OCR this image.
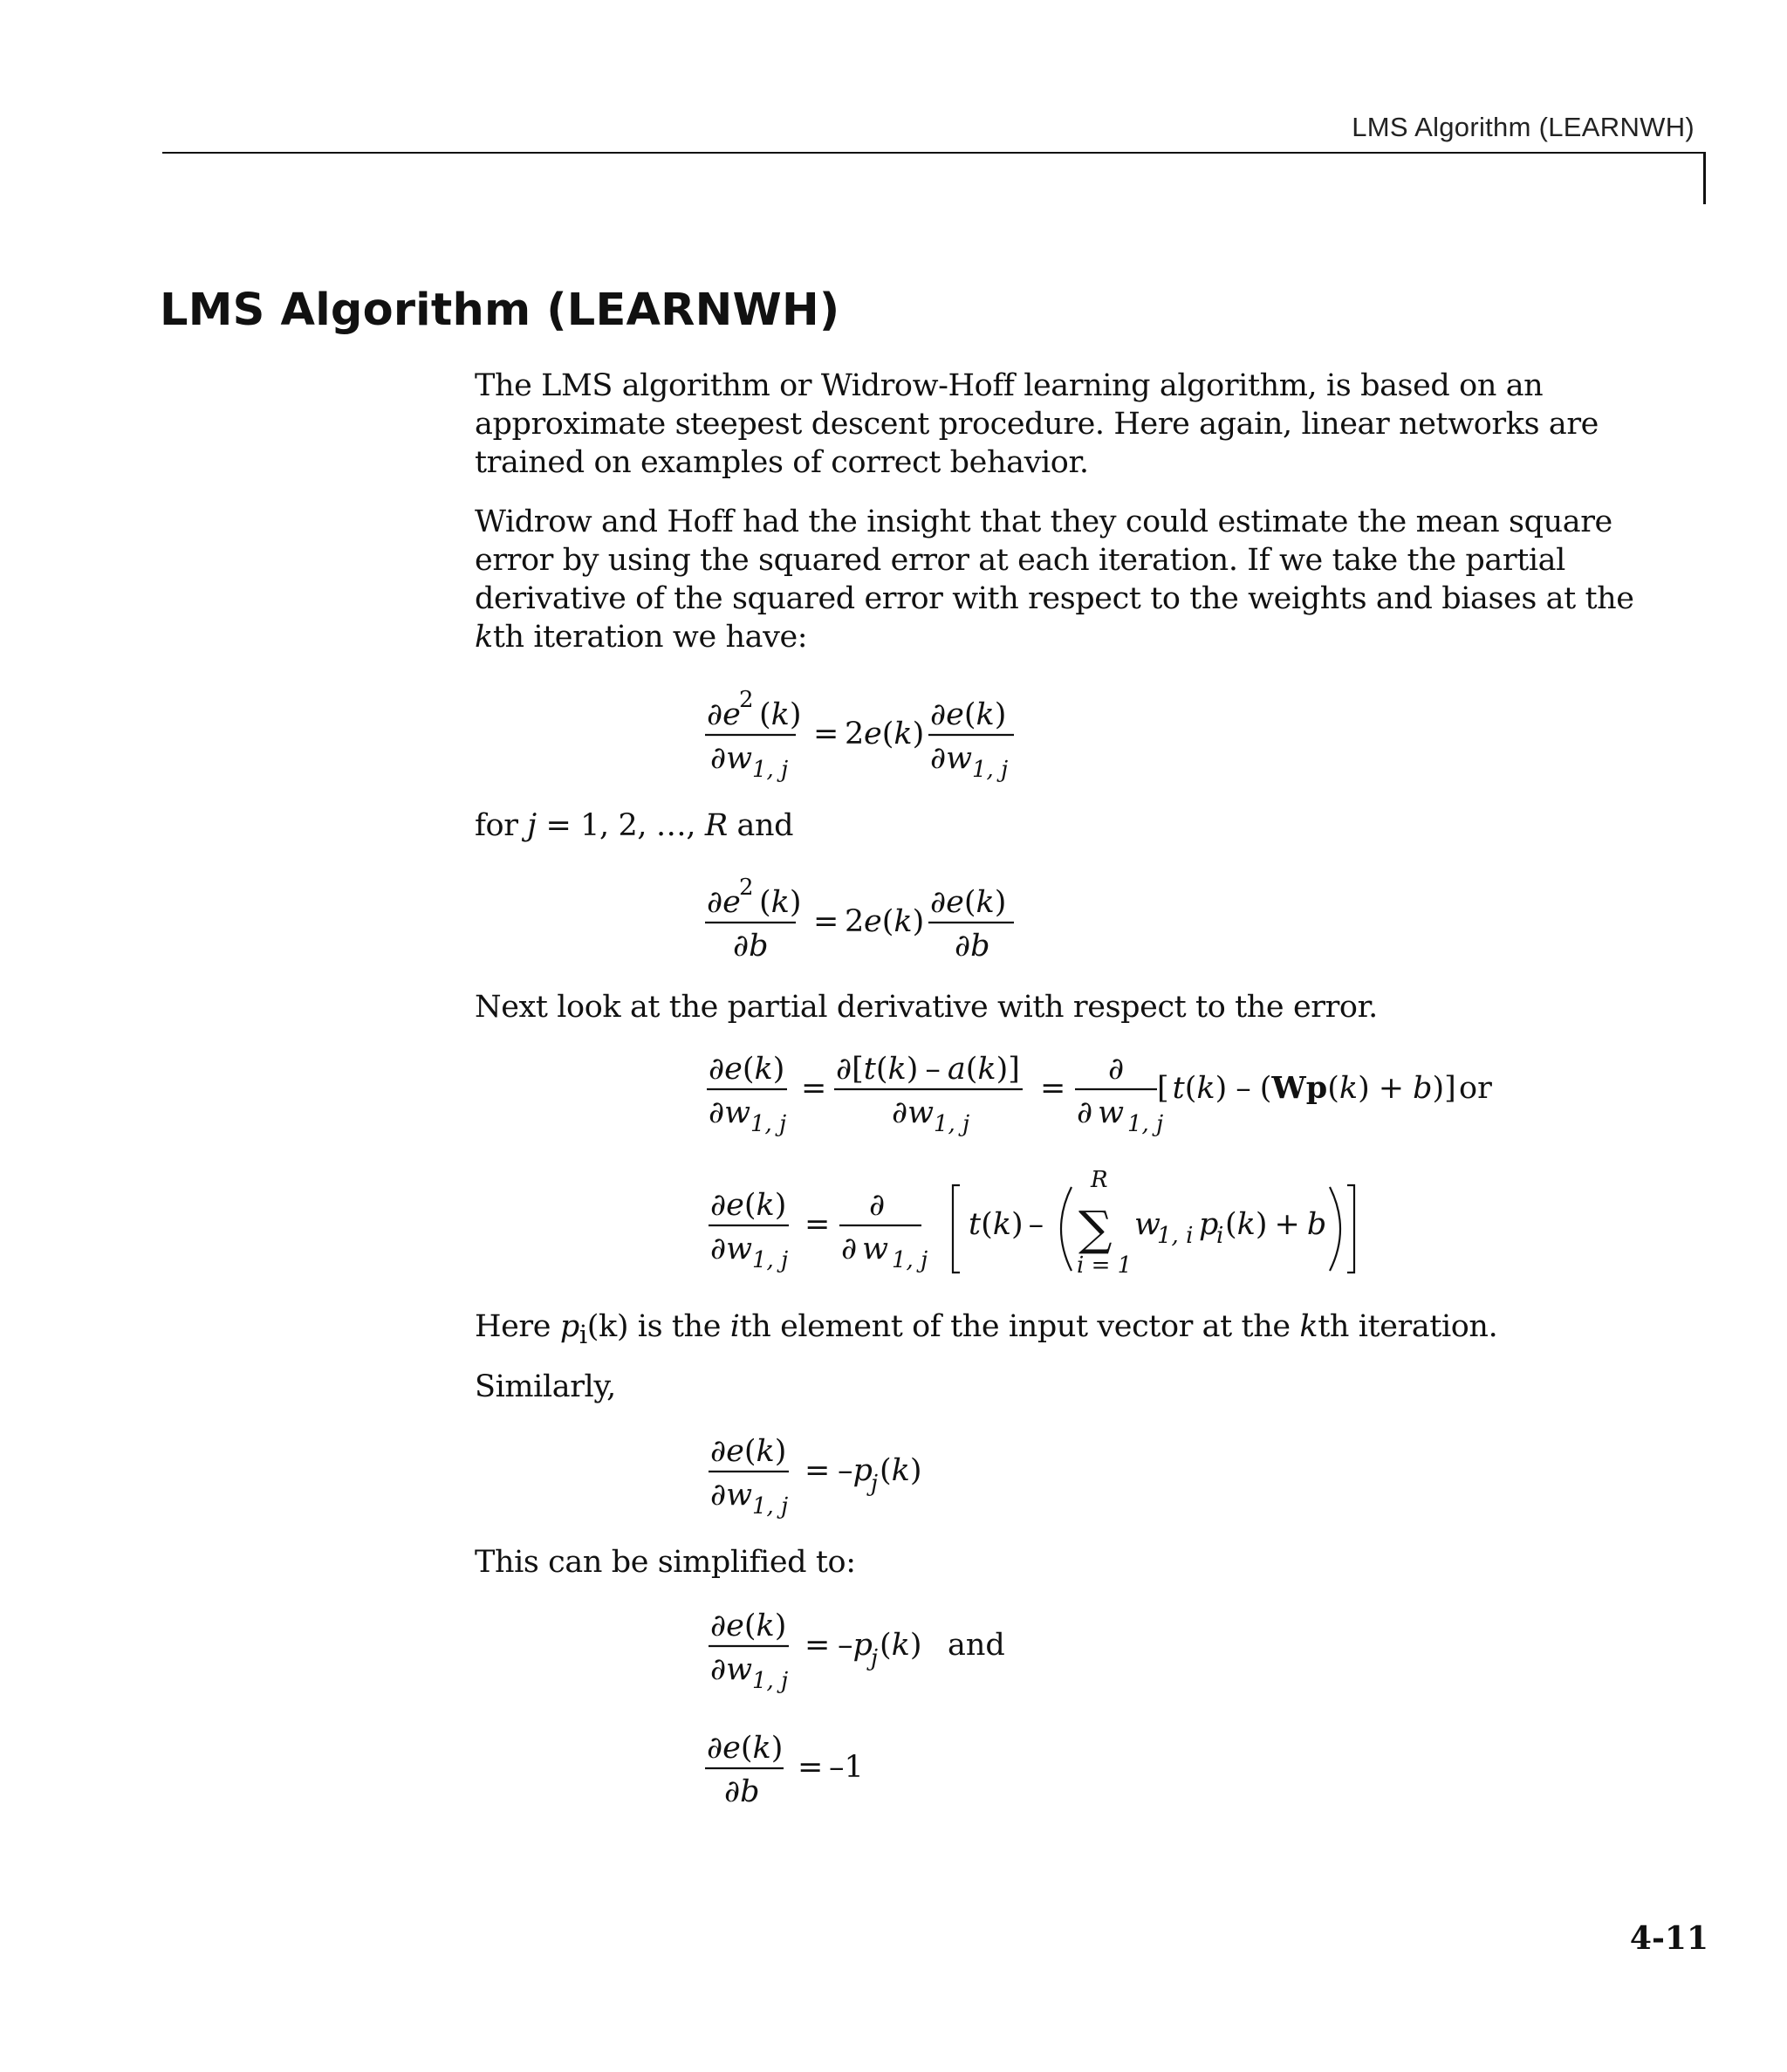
LMS Algorithm (LEARNWH)
LMS Algorithm (LEARNWH)

The LMS algorithm or Widrow-Hoff learning algorithm, is based on an approximate steepest descent procedure. Here again, linear networks are trained on examples of correct behavior.

Widrow and Hoff had the insight that they could estimate the mean square error by using the squared error at each iteration. If we take the partial derivative of the squared error with respect to the weights and biases at the kth iteration we have:

∂e
2 (k)
∂w 1, j
= 2 e(k)
∂e(k)
∂w 1, j

for j = 1, 2, …, R and

∂e
2 (k)
∂b
= 2 e(k)
∂e(k)
∂b

Next look at the partial derivative with respect to the error.

∂e(k)
∂w 1, j
=
∂[t(k) – a(k)]
∂w 1, j
=
∂
∂ w 1, j
[ t(k) – (Wp(k) + b)] or
∂e(k)
∂w 1, j
=
∂
∂ w 1, j
t(k) –
R
∑
i = 1
w
1, i p
i (k) + b

Here $p_i(k)$ is the ith element of the input vector at the kth iteration.

Similarly,

∂e(k)
∂w 1, j
= –p
j (k)

This can be simplified to:

∂e(k)
∂w 1, j
= –p
j (k) and
∂e(k)
∂b
= –1
4-11
